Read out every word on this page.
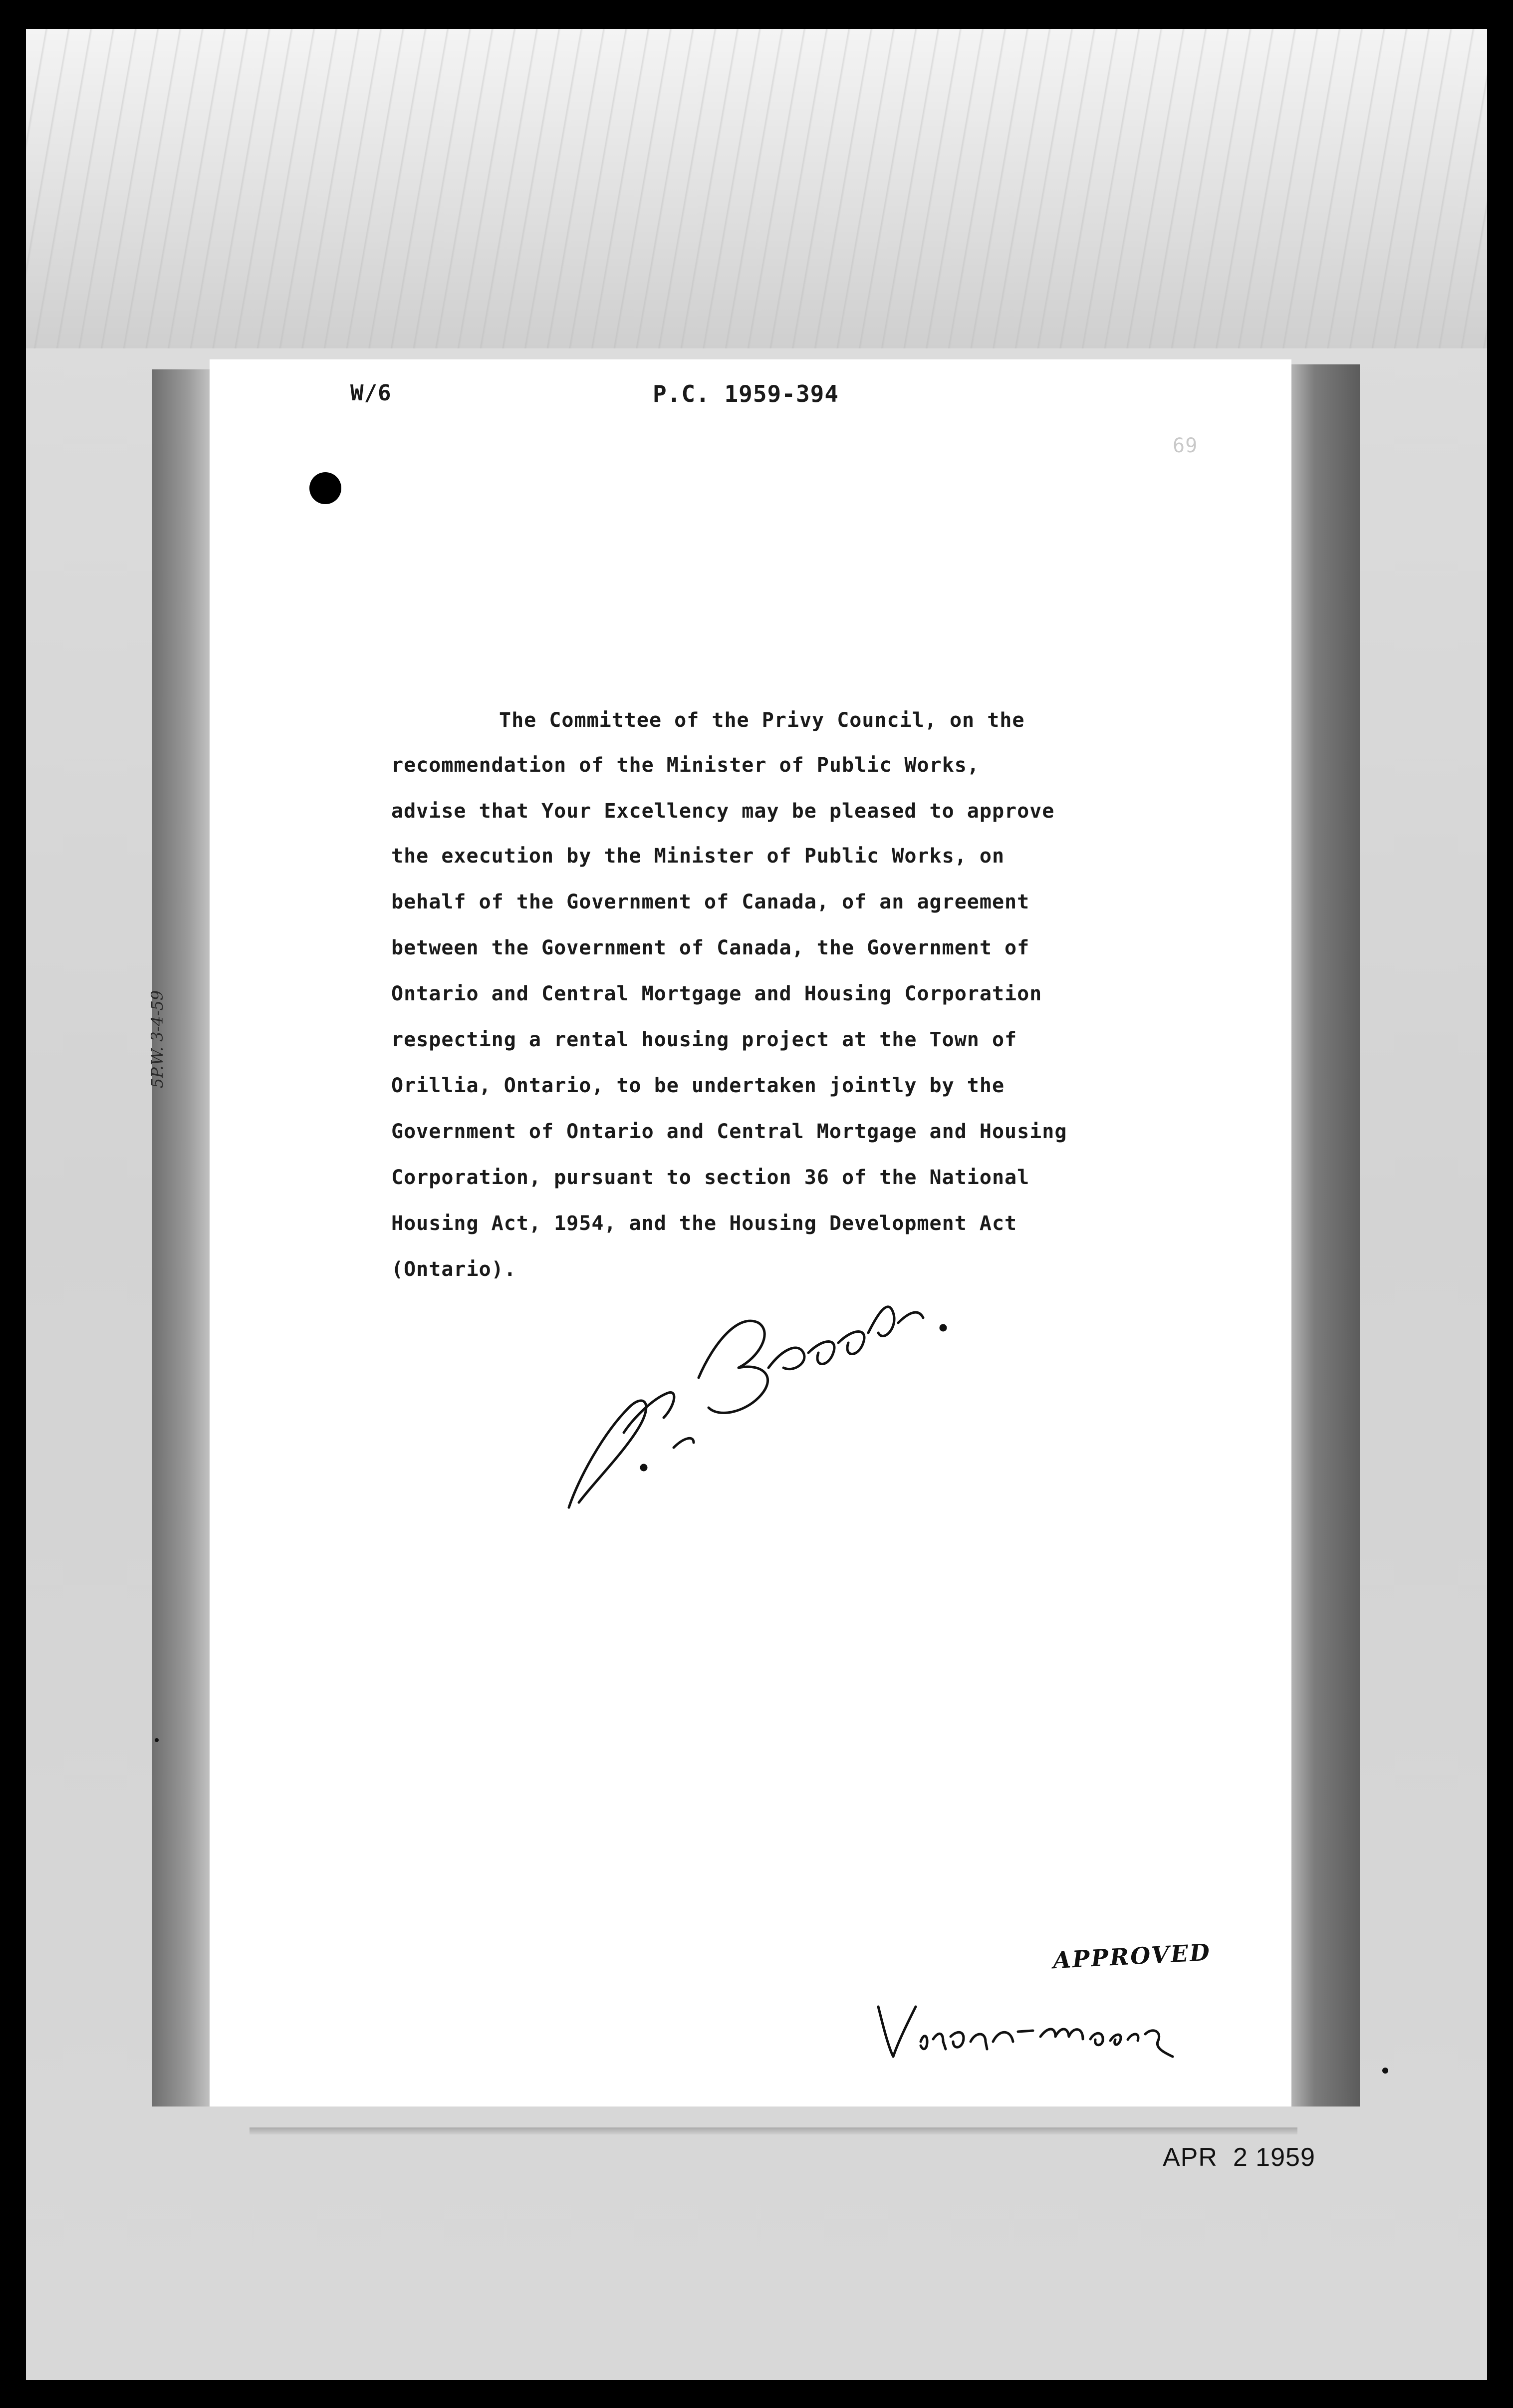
W/6	P.C. 1959-394
69
The Committee of the Privy Council, on the
recommendation of the Minister of Public Works,
advise that Your Excellency may be pleased to approve
the execution by the Minister of Public Works, on
behalf of the Government of Canada, of an agreement
between the Government of Canada, the Government of
Ontario and Central Mortgage and Housing Corporation
respecting a rental housing project at the Town of
Orillia, Ontario, to be undertaken jointly by the
Government of Ontario and Central Mortgage and Housing
Corporation, pursuant to section 36 of the National
Housing Act, 1954, and the Housing Development Act
(Ontario).
APPROVED
APR  2 1959
5P.W. 3-4-59
